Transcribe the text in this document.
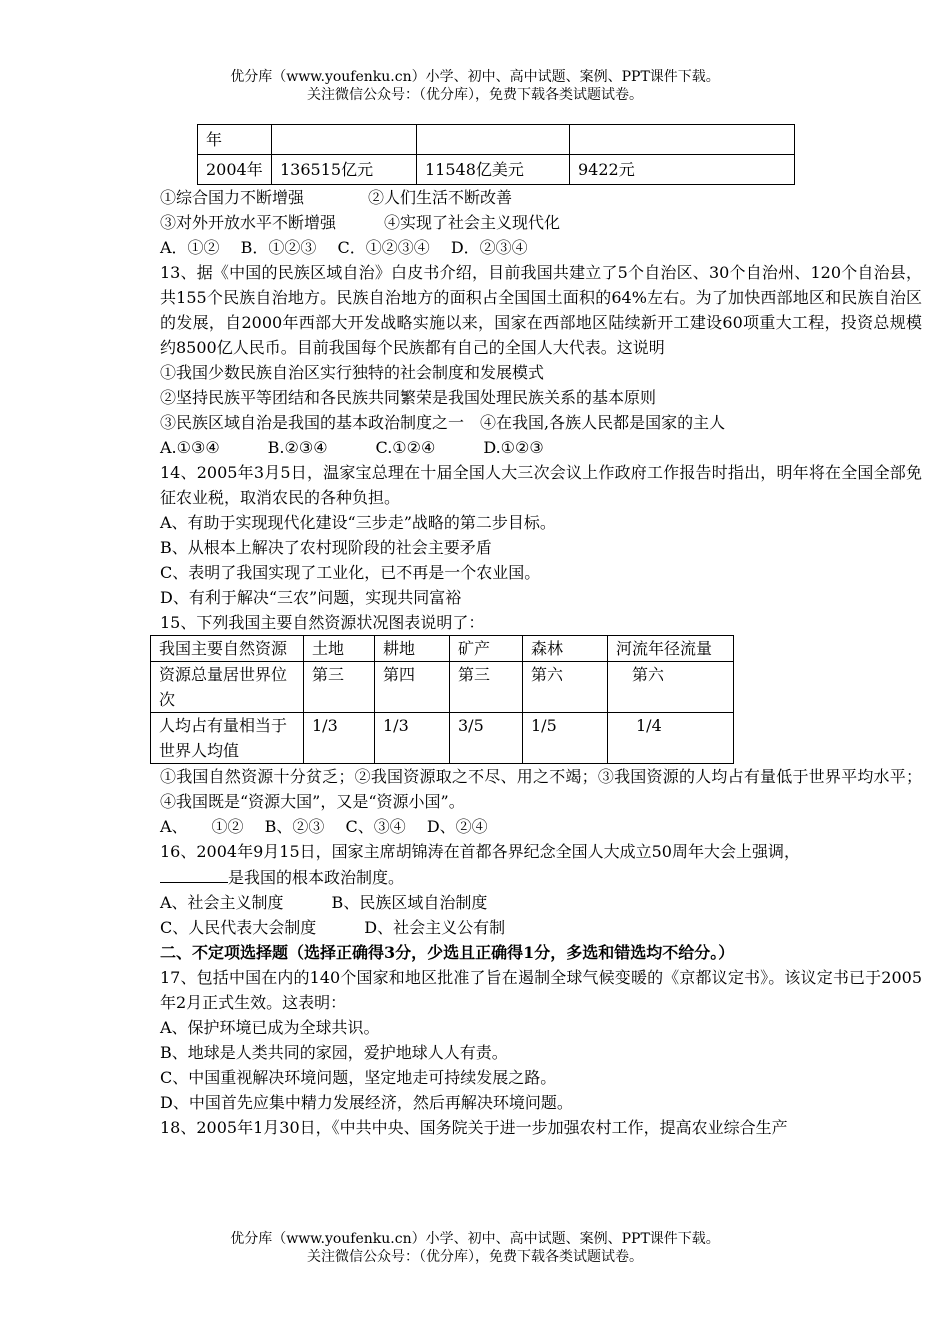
优分库（www.youfenku.cn）小学、初中、高中试题、案例、PPT课件下载。
关注微信公众号：（优分库），免费下载各类试题试卷。
年			
2004年	136515亿元	11548亿美元	9422元
①综合国力不断增强　　　　②人们生活不断改善
③对外开放水平不断增强　　　④实现了社会主义现代化
A．①②　 B．①②③　 C．①②③④　 D．②③④
13、据《中国的民族区域自治》白皮书介绍，目前我国共建立了5个自治区、30个自治州、120个自治县，共155个民族自治地方。民族自治地方的面积占全国国土面积的64%左右。为了加快西部地区和民族自治区的发展，自2000年西部大开发战略实施以来，国家在西部地区陆续新开工建设60项重大工程，投资总规模约8500亿人民币。目前我国每个民族都有自己的全国人大代表。这说明
①我国少数民族自治区实行独特的社会制度和发展模式
②坚持民族平等团结和各民族共同繁荣是我国处理民族关系的基本原则
③民族区域自治是我国的基本政治制度之一　④在我国,各族人民都是国家的主人
A.①③④　　　B.②③④　　　C.①②④　　　D.①②③
14、2005年3月5日，温家宝总理在十届全国人大三次会议上作政府工作报告时指出，明年将在全国全部免征农业税，取消农民的各种负担。
A、有助于实现现代化建设“三步走”战略的第二步目标。
B、从根本上解决了农村现阶段的社会主要矛盾
C、表明了我国实现了工业化，已不再是一个农业国。
D、有利于解决“三农”问题，实现共同富裕
15、下列我国主要自然资源状况图表说明了：
我国主要自然资源	土地	耕地	矿产	森林	河流年径流量
资源总量居世界位次	第三	第四	第三	第六	第六
人均占有量相当于世界人均值	1/3	1/3	3/5	1/5	1/4
①我国自然资源十分贫乏；②我国资源取之不尽、用之不竭；③我国资源的人均占有量低于世界平均水平；④我国既是“资源大国”，又是“资源小国”。
A、　　①②　 B、②③　 C、③④　 D、②④
16、2004年9月15日，国家主席胡锦涛在首都各界纪念全国人大成立50周年大会上强调，
是我国的根本政治制度。
A、社会主义制度　　　B、民族区域自治制度
C、人民代表大会制度　　　D、社会主义公有制
二、不定项选择题（选择正确得3分，少选且正确得1分，多选和错选均不给分。）
17、包括中国在内的140个国家和地区批准了旨在遏制全球气候变暖的《京都议定书》。该议定书已于2005年2月正式生效。这表明：
A、保护环境已成为全球共识。
B、地球是人类共同的家园，爱护地球人人有责。
C、中国重视解决环境问题，坚定地走可持续发展之路。
D、中国首先应集中精力发展经济，然后再解决环境问题。
18、2005年1月30日，《中共中央、国务院关于进一步加强农村工作，提高农业综合生产
优分库（www.youfenku.cn）小学、初中、高中试题、案例、PPT课件下载。
关注微信公众号：（优分库），免费下载各类试题试卷。
